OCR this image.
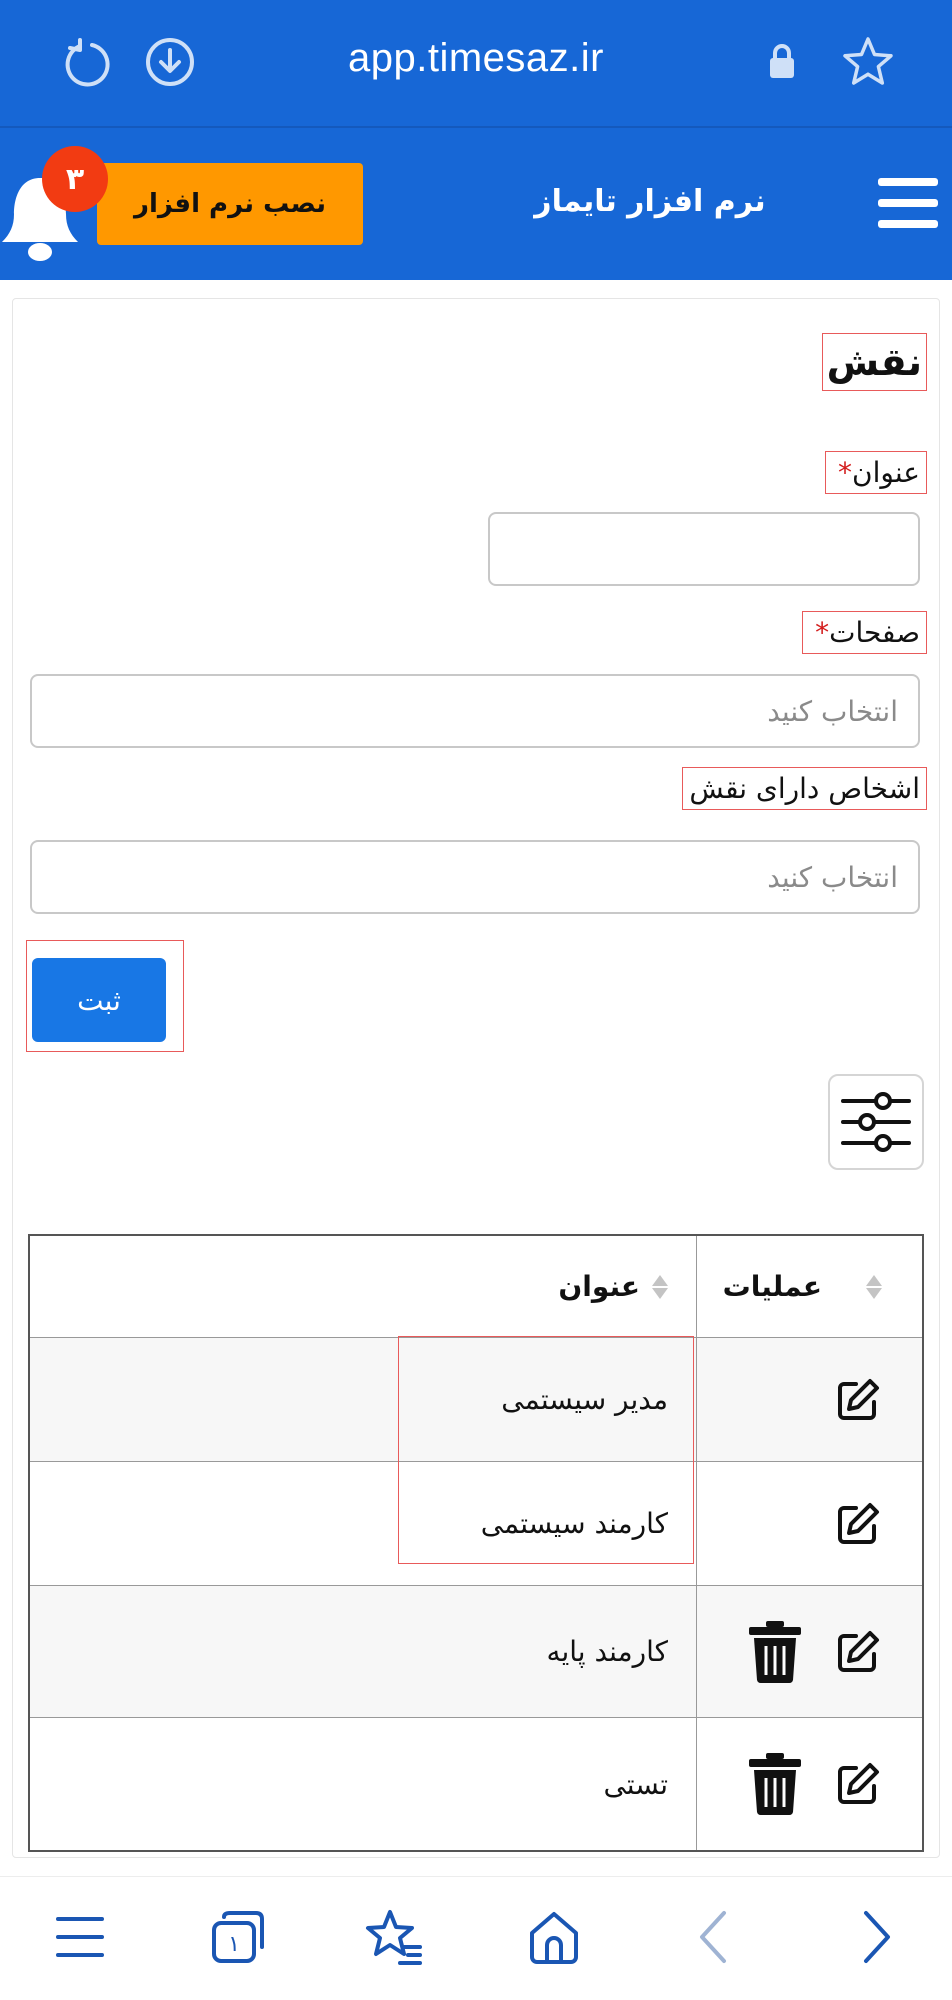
app.timesaz.ir
نرم افزار تایماز
نصب نرم افزار
۳
نقش
عنوان*
صفحات*
انتخاب کنید
اشخاص دارای نقش
انتخاب کنید
ثبت
عملیات
عنوان
مدیر سیستمی
کارمند سیستمی
کارمند پایه
تستی
۱
